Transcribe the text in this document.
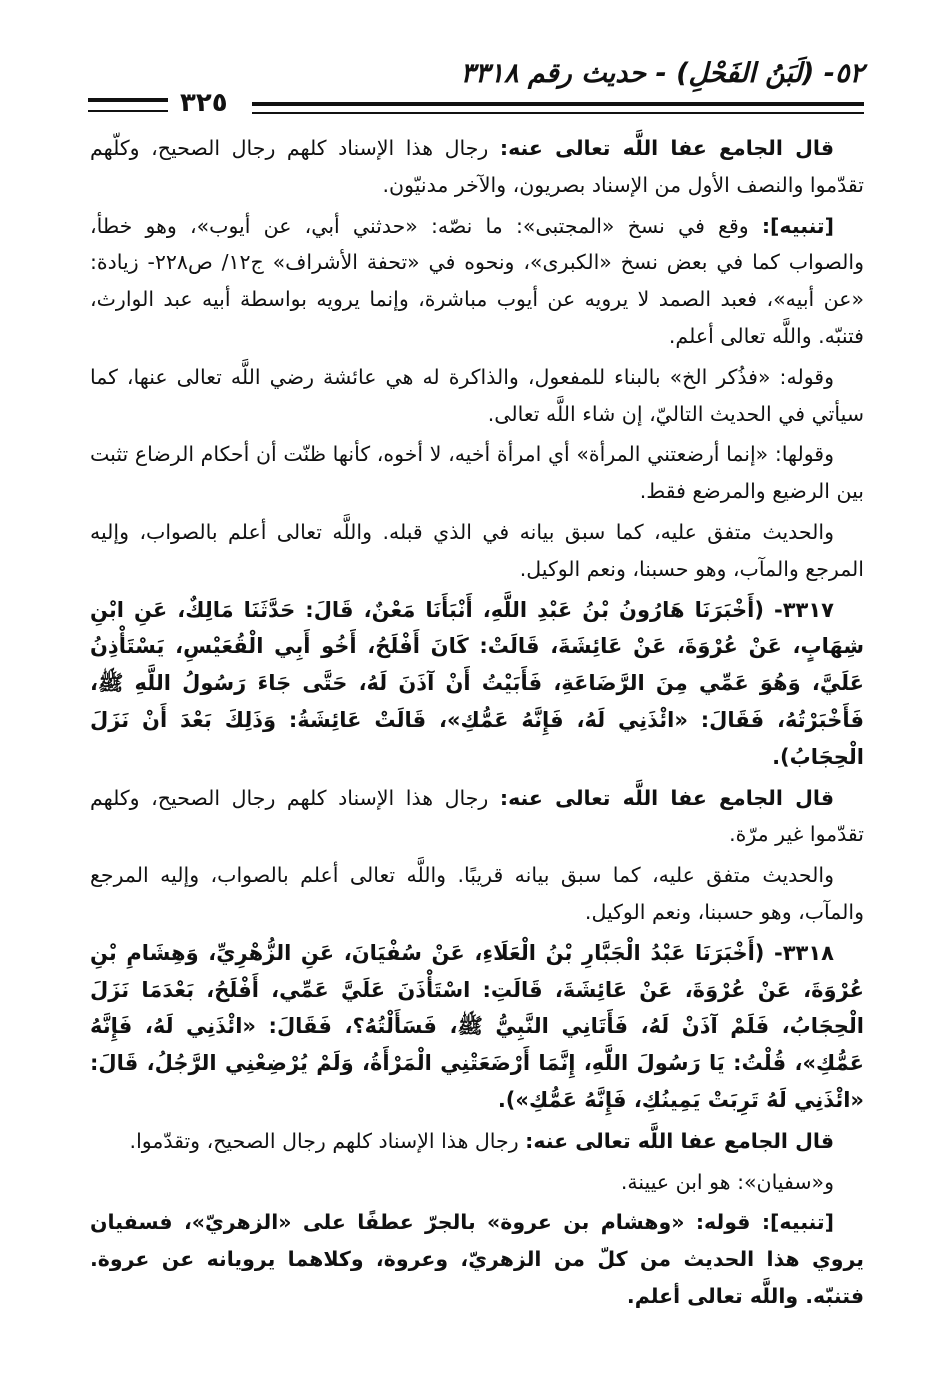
٥٢- (لَبَنُ الفَحْلِ) - حديث رقم ٣٣١٨
٣٢٥

قال الجامع عفا اللَّه تعالى عنه: رجال هذا الإسناد كلهم رجال الصحيح، وكلّهم تقدّموا والنصف الأول من الإسناد بصريون، والآخر مدنيّون.

[تنبيه]: وقع في نسخ «المجتبى»: ما نصّه: «حدثني أبي، عن أيوب»، وهو خطأ، والصواب كما في بعض نسخ «الكبرى»، ونحوه في «تحفة الأشراف» ج١٢/ ص٢٢٨- زيادة: «عن أبيه»، فعبد الصمد لا يرويه عن أيوب مباشرة، وإنما يرويه بواسطة أبيه عبد الوارث، فتنبّه. واللَّه تعالى أعلم.

وقوله: «فذُكر الخ» بالبناء للمفعول، والذاكرة له هي عائشة رضي اللَّه تعالى عنها، كما سيأتي في الحديث التاليّ، إن شاء اللَّه تعالى.

وقولها: «إنما أرضعتني المرأة» أي امرأة أخيه، لا أخوه، كأنها ظنّت أن أحكام الرضاع تثبت بين الرضيع والمرضع فقط.

والحديث متفق عليه، كما سبق بيانه في الذي قبله. واللَّه تعالى أعلم بالصواب، وإليه المرجع والمآب، وهو حسبنا، ونعم الوكيل.

٣٣١٧- (أَخْبَرَنَا هَارُونُ بْنُ عَبْدِ اللَّهِ، أَنْبَأَنَا مَعْنٌ، قَالَ: حَدَّثَنَا مَالِكٌ، عَنِ ابْنِ شِهَابٍ، عَنْ عُرْوَةَ، عَنْ عَائِشَةَ، قَالَتْ: كَانَ أَفْلَحُ، أَخُو أَبِي الْقُعَيْسِ، يَسْتَأْذِنُ عَلَيَّ، وَهُوَ عَمِّي مِنَ الرَّضَاعَةِ، فَأَبَيْتُ أَنْ آذَنَ لَهُ، حَتَّى جَاءَ رَسُولُ اللَّهِ ﷺ، فَأَخْبَرْتُهُ، فَقَالَ: «ائْذَنِي لَهُ، فَإِنَّهُ عَمُّكِ»، قَالَتْ عَائِشَةُ: وَذَلِكَ بَعْدَ أَنْ نَزَلَ الْحِجَابُ).

قال الجامع عفا اللَّه تعالى عنه: رجال هذا الإسناد كلهم رجال الصحيح، وكلهم تقدّموا غير مرّة.

والحديث متفق عليه، كما سبق بيانه قريبًا. واللَّه تعالى أعلم بالصواب، وإليه المرجع والمآب، وهو حسبنا، ونعم الوكيل.

٣٣١٨- (أَخْبَرَنَا عَبْدُ الْجَبَّارِ بْنُ الْعَلَاءِ، عَنْ سُفْيَانَ، عَنِ الزُّهْرِيِّ، وَهِشَامِ بْنِ عُرْوَةَ، عَنْ عُرْوَةَ، عَنْ عَائِشَةَ، قَالَتِ: اسْتَأْذَنَ عَلَيَّ عَمِّي، أَفْلَحُ، بَعْدَمَا نَزَلَ الْحِجَابُ، فَلَمْ آذَنْ لَهُ، فَأَتَانِي النَّبِيُّ ﷺ، فَسَأَلْتُهُ؟، فَقَالَ: «ائْذَنِي لَهُ، فَإِنَّهُ عَمُّكِ»، قُلْتُ: يَا رَسُولَ اللَّهِ، إِنَّمَا أَرْضَعَتْنِي الْمَرْأَةُ، وَلَمْ يُرْضِعْنِي الرَّجُلُ، قَالَ: «ائْذَنِي لَهُ تَرِبَتْ يَمِينُكِ، فَإِنَّهُ عَمُّكِ»).

قال الجامع عفا اللَّه تعالى عنه: رجال هذا الإسناد كلهم رجال الصحيح، وتقدّموا.

و«سفيان»: هو ابن عيينة.

[تنبيه]: قوله: «وهشام بن عروة» بالجرّ عطفًا على «الزهريّ»، فسفيان يروي هذا الحديث من كلّ من الزهريّ، وعروة، وكلاهما يرويانه عن عروة. فتنبّه. واللَّه تعالى أعلم.
